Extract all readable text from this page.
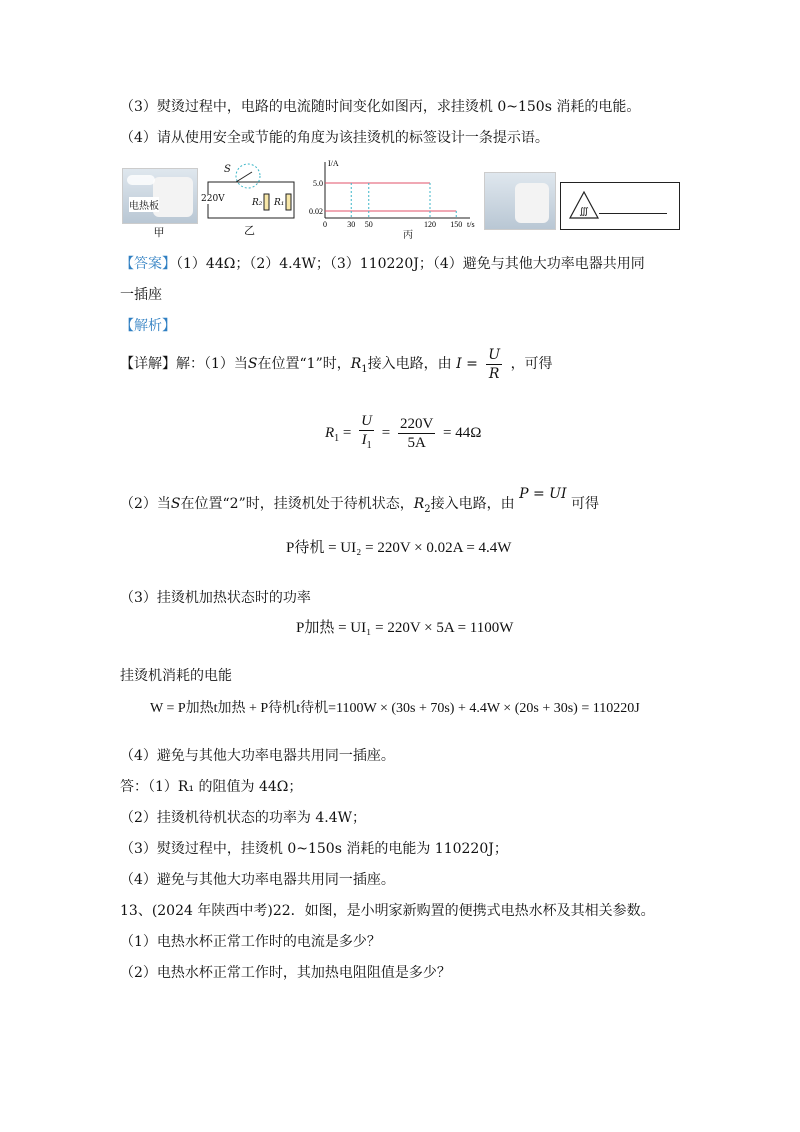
（3）熨烫过程中，电路的电流随时间变化如图丙，求挂烫机 0~150s 消耗的电能。
（4）请从使用安全或节能的角度为该挂烫机的标签设计一条提示语。
电热板
甲
S
220V	R₂ R₁
乙
5.0
0.02
0	30 50	120 150 t/s
I/A
丙
∭
【答案】（1）44Ω；（2）4.4W；（3）110220J；（4）避免与其他大功率电器共用同
一插座
【解析】
【详解】解：（1）当S在位置“1”时，$R_1$接入电路，由 $I = \frac{U}{R}$ ，可得
$R_1 = \frac{U}{I_1} = \frac{220V}{5A} = 44\Omega$
（2）当S在位置“2”时，挂烫机处于待机状态，$R_2$接入电路，由 P = UI 可得
P待机 = UI₂ = 220V × 0.02A = 4.4W
（3）挂烫机加热状态时的功率
P加热 = UI₁ = 220V × 5A = 1100W
挂烫机消耗的电能
W = P加热t加热 + P待机t待机=1100W × (30s + 70s) + 4.4W × (20s + 30s) = 110220J
（4）避免与其他大功率电器共用同一插座。
答：（1）R₁ 的阻值为 44Ω；
（2）挂烫机待机状态的功率为 4.4W；
（3）熨烫过程中，挂烫机 0~150s 消耗的电能为 110220J；
（4）避免与其他大功率电器共用同一插座。
13、(2024 年陕西中考)22．如图，是小明家新购置的便携式电热水杯及其相关参数。
（1）电热水杯正常工作时的电流是多少？
（2）电热水杯正常工作时，其加热电阻阻值是多少？
